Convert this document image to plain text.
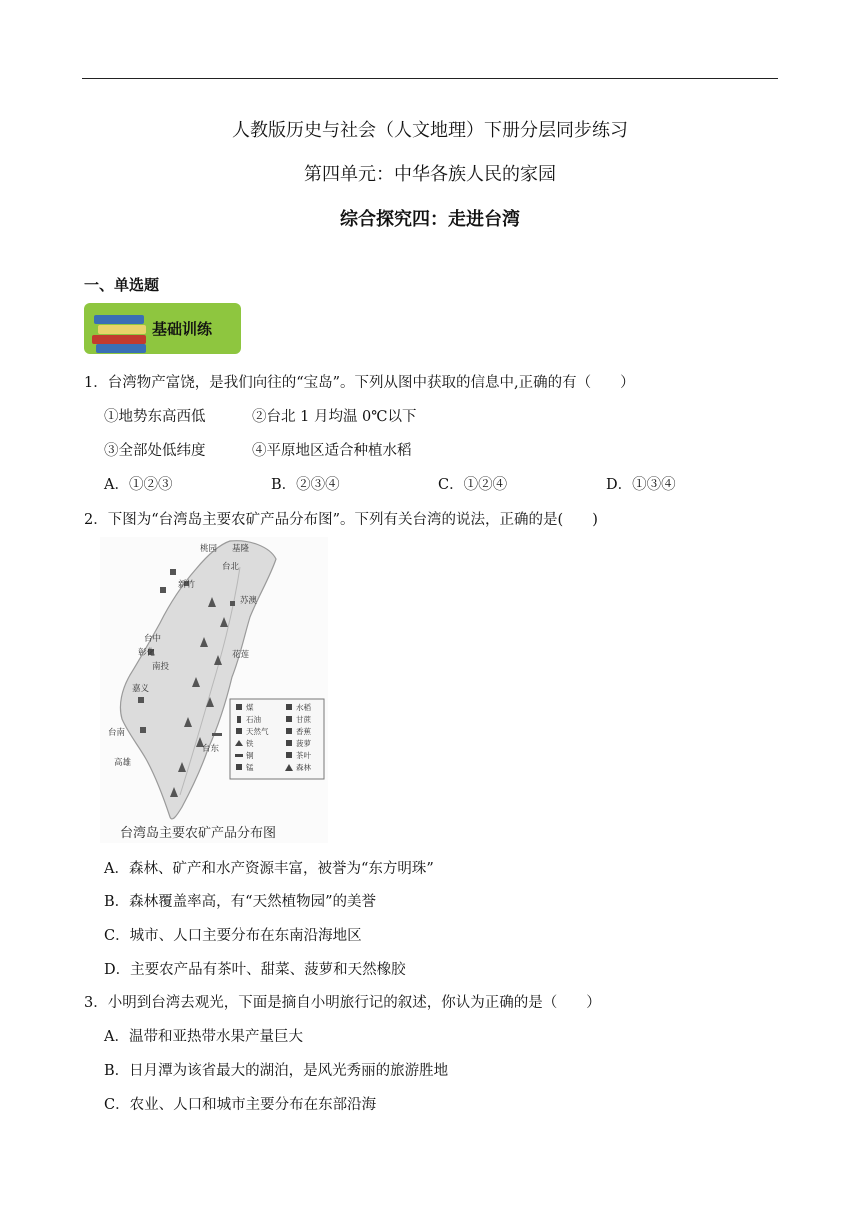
人教版历史与社会（人文地理）下册分层同步练习
第四单元：中华各族人民的家园
综合探究四：走进台湾
一、单选题
基础训练
1．台湾物产富饶，是我们向往的“宝岛”。下列从图中获取的信息中,正确的有（　　）
①地势东高西低	②台北 1 月均温 0℃以下
③全部处低纬度	④平原地区适合种植水稻
A．①②③	B．②③④	C．①②④	D．①③④
2．下图为“台湾岛主要农矿产品分布图”。下列有关台湾的说法，正确的是(　　)
基隆
桃园
台北
新竹
苏澳
台中
彰化
南投
花莲
嘉义
台南
台东
高雄
煤
石油
天然气
铁
铜
锰
水稻
甘蔗
香蕉
菠萝
茶叶
森林
台湾岛主要农矿产品分布图
A．森林、矿产和水产资源丰富，被誉为“东方明珠”
B．森林覆盖率高，有“天然植物园”的美誉
C．城市、人口主要分布在东南沿海地区
D．主要农产品有茶叶、甜菜、菠萝和天然橡胶
3．小明到台湾去观光，下面是摘自小明旅行记的叙述，你认为正确的是（　　）
A．温带和亚热带水果产量巨大
B．日月潭为该省最大的湖泊，是风光秀丽的旅游胜地
C．农业、人口和城市主要分布在东部沿海
